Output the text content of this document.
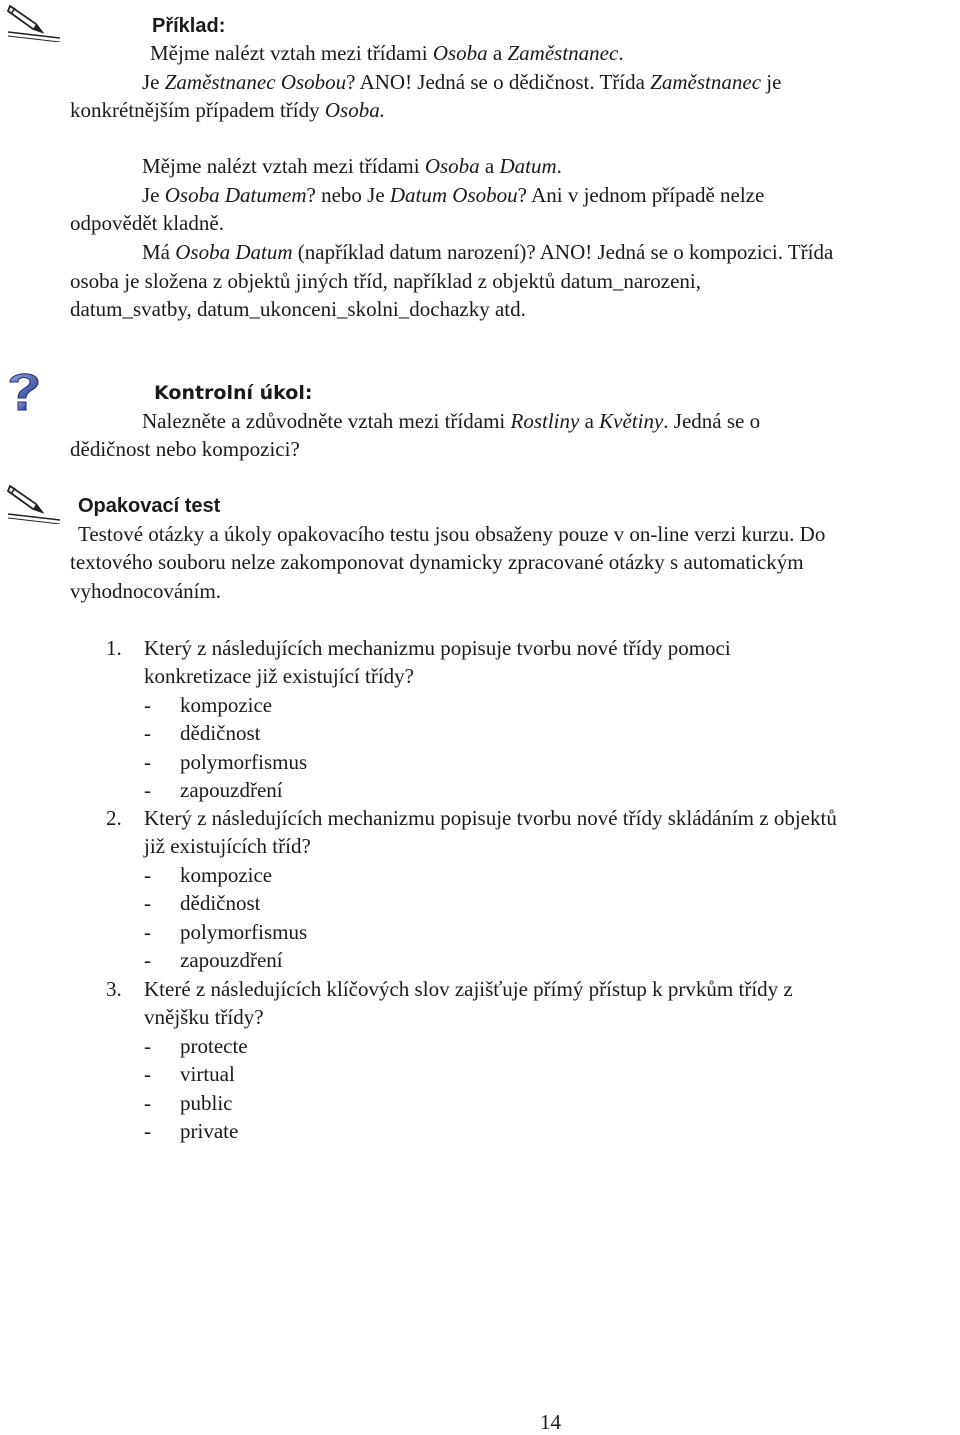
Příklad:
Mějme nalézt vztah mezi třídami Osoba a Zaměstnanec.
Je Zaměstnanec Osobou? ANO! Jedná se o dědičnost. Třída Zaměstnanec je
konkrétnějším případem třídy Osoba.
Mějme nalézt vztah mezi třídami Osoba a Datum.
Je Osoba Datumem? nebo Je Datum Osobou? Ani v jednom případě nelze
odpovědět kladně.
Má Osoba Datum (například datum narození)? ANO! Jedná se o kompozici. Třída
osoba je složena z objektů jiných tříd, například z objektů datum_narozeni,
datum_svatby, datum_ukonceni_skolni_dochazky atd.
Kontrolní úkol:
Nalezněte a zdůvodněte vztah mezi třídami Rostliny a Květiny. Jedná se o
dědičnost nebo kompozici?
Opakovací test
Testové otázky a úkoly opakovacího testu jsou obsaženy pouze v on-line verzi kurzu. Do
textového souboru nelze zakomponovat dynamicky zpracované otázky s automatickým
vyhodnocováním.
1. Který z následujících mechanizmu popisuje tvorbu nové třídy pomoci
konkretizace již existující třídy?
- kompozice
- dědičnost
- polymorfismus
- zapouzdření
2. Který z následujících mechanizmu popisuje tvorbu nové třídy skládáním z objektů
již existujících tříd?
- kompozice
- dědičnost
- polymorfismus
- zapouzdření
3. Které z následujících klíčových slov zajišťuje přímý přístup k prvkům třídy z
vnějšku třídy?
- protecte
- virtual
- public
- private
14
